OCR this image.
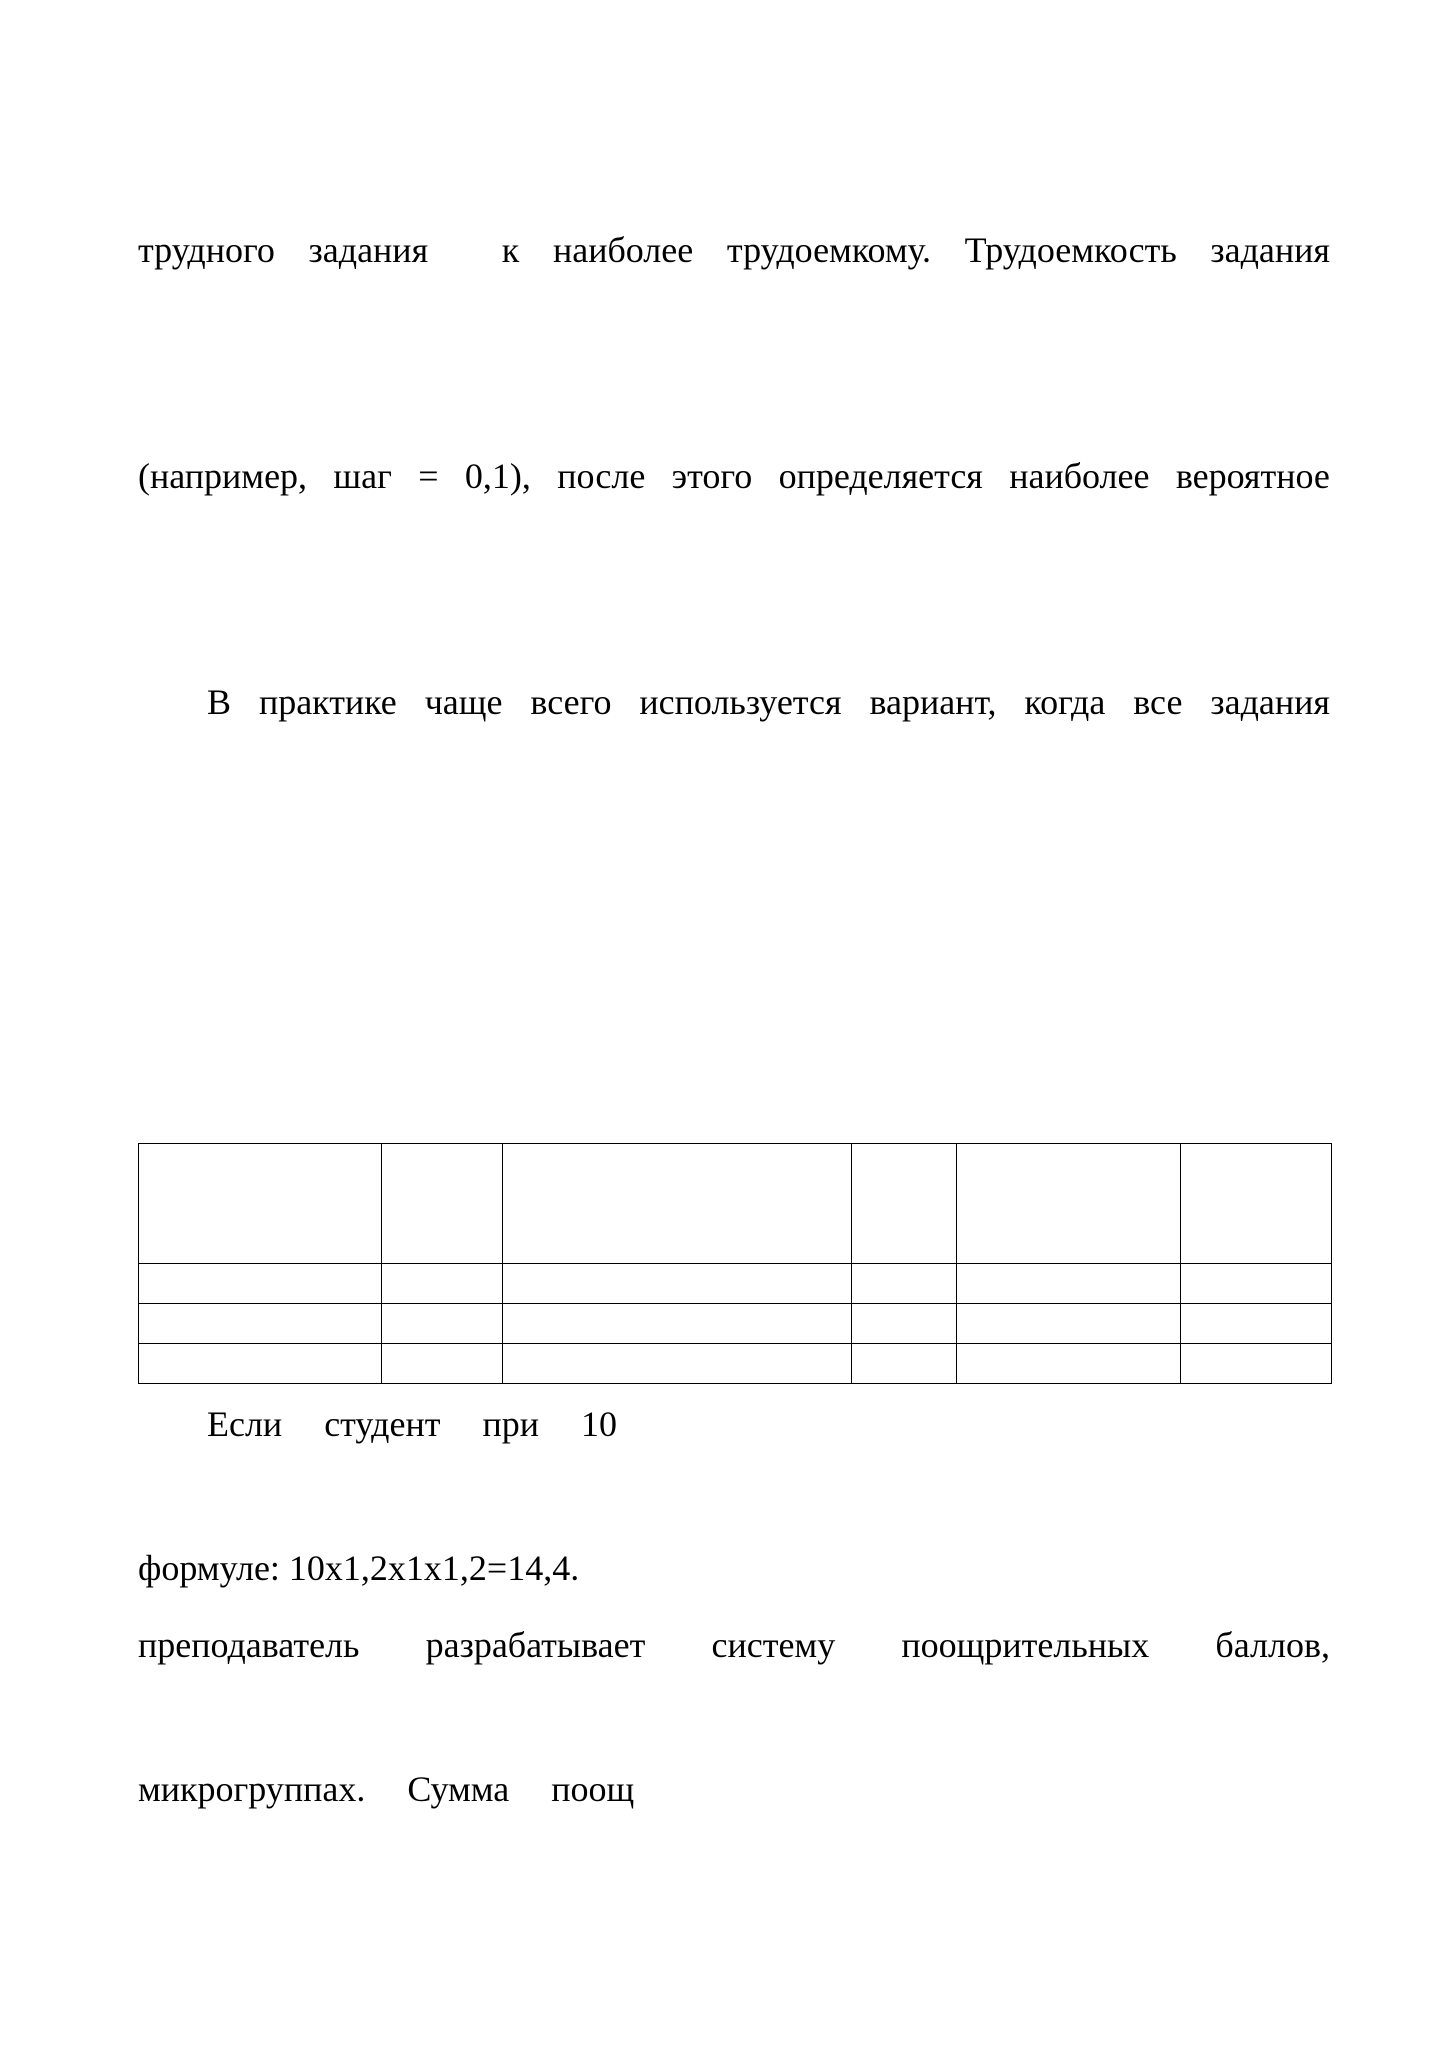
трудного задания к наиболее трудоемкому. Трудоемкость задания
(например, шаг = 0,1), после этого определяется наиболее вероятное
В практике чаще всего используется вариант, когда все задания

Если  студент  при  10
формуле: 10х1,2х1х1,2=14,4.
преподаватель разрабатывает систему поощрительных баллов,
микрогруппах.  Сумма  поощ
